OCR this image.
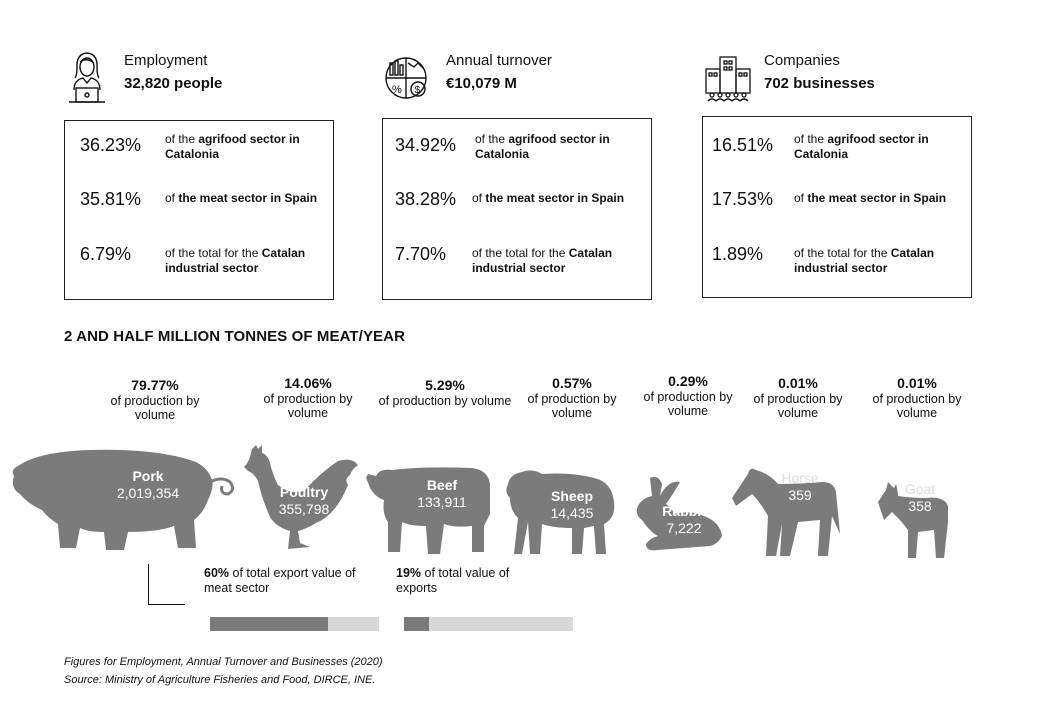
Employment
32,820 people	% $
Annual turnover
€10,079 M
Companies
702 businesses
36.23% of the agrifood sector in Catalonia
35.81% of the meat sector in Spain
6.79%	of the total for the Catalan industrial sector
34.92% of the agrifood sector in Catalonia
38.28% of the meat sector in Spain
7.70% of the total for the Catalan industrial sector
16.51% of the agrifood sector in Catalonia
17.53% of the meat sector in Spain
1.89%	of the total for the Catalan industrial sector
2 AND HALF MILLION TONNES OF MEAT/YEAR
79.77%
of production by volume
14.06%
of production by volume
5.29%
of production by volume
0.57%
of production by volume
0.29%
of production by volume
0.01%
of production by volume
0.01%
of production by volume
Pork
2,019,354	Poultry
355,798
Beef
133,911	Sheep
14,435	Rabbit
7,222
Horse
359	Goat
358
60% of total export value of meat sector
19% of total value of exports
Figures for Employment, Annual Turnover and Businesses (2020)
Source: Ministry of Agriculture Fisheries and Food, DIRCE, INE.
